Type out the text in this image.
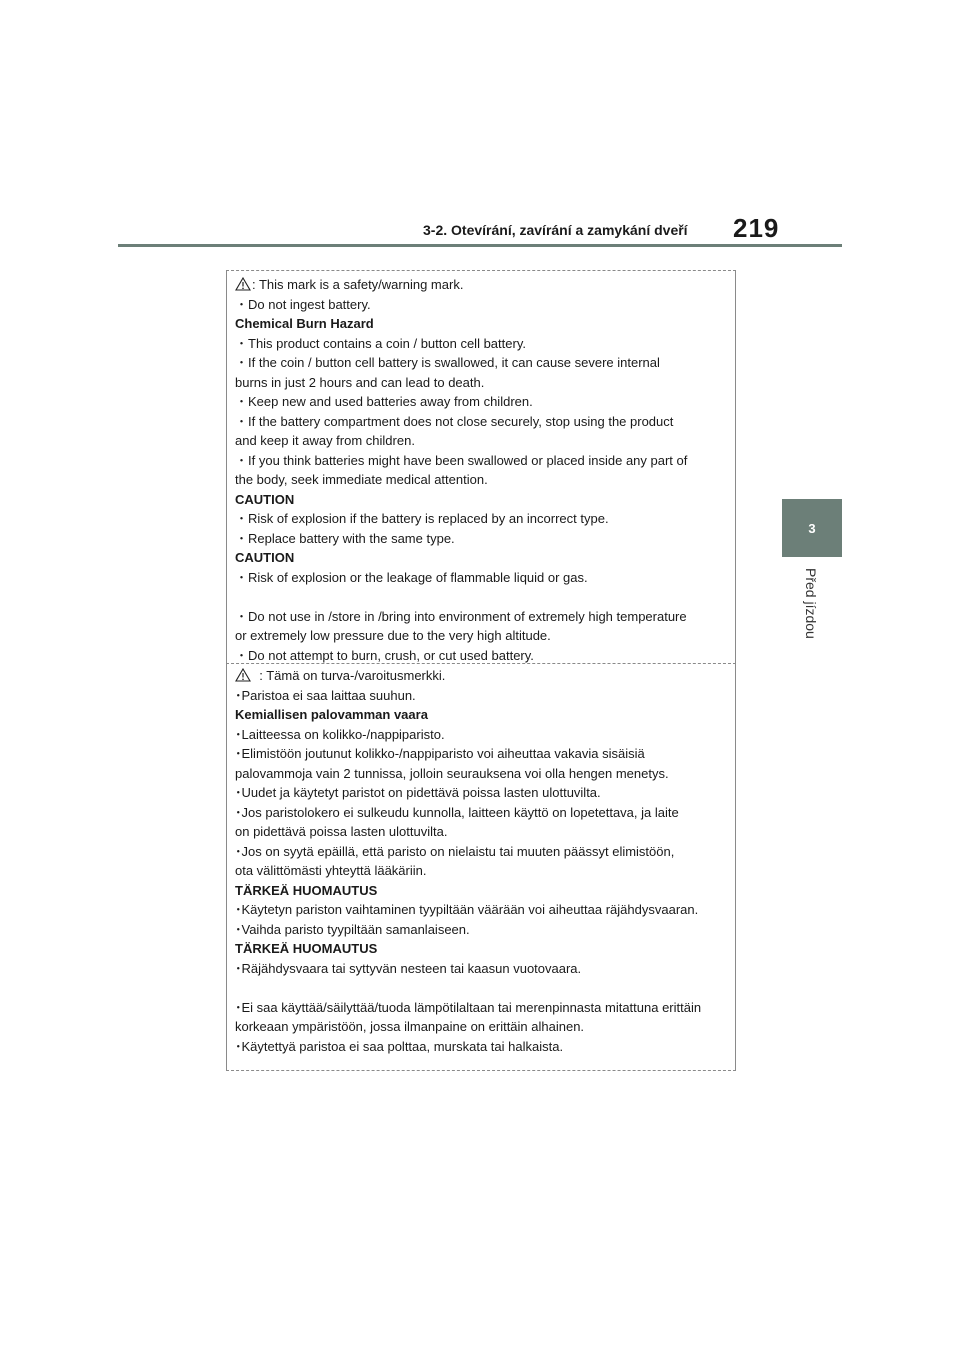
3-2. Otevírání, zavírání a zamykání dveří	219
3
Před jízdou
: This mark is a safety/warning mark.
・Do not ingest battery.
Chemical Burn Hazard
・This product contains a coin / button cell battery.
・If the coin / button cell battery is swallowed, it can cause severe internal
burns in just 2 hours and can lead to death.
・Keep new and used batteries away from children.
・If the battery compartment does not close securely, stop using the product
and keep it away from children.
・If you think batteries might have been swallowed or placed inside any part of
the body, seek immediate medical attention.
CAUTION
・Risk of explosion if the battery is replaced by an incorrect type.
・Replace battery with the same type.
CAUTION
・Risk of explosion or the leakage of flammable liquid or gas.
・Do not use in /store in /bring into environment of extremely high temperature
or extremely low pressure due to the very high altitude.
・Do not attempt to burn, crush, or cut used battery.
: Tämä on turva-/varoitusmerkki.
･Paristoa ei saa laittaa suuhun.
Kemiallisen palovamman vaara
･Laitteessa on kolikko-/nappiparisto.
･Elimistöön joutunut kolikko-/nappiparisto voi aiheuttaa vakavia sisäisiä
palovammoja vain 2 tunnissa, jolloin seurauksena voi olla hengen menetys.
･Uudet ja käytetyt paristot on pidettävä poissa lasten ulottuvilta.
･Jos paristolokero ei sulkeudu kunnolla, laitteen käyttö on lopetettava, ja laite
on pidettävä poissa lasten ulottuvilta.
･Jos on syytä epäillä, että paristo on nielaistu tai muuten päässyt elimistöön,
ota välittömästi yhteyttä lääkäriin.
TÄRKEÄ HUOMAUTUS
･Käytetyn pariston vaihtaminen tyypiltään väärään voi aiheuttaa räjähdysvaaran.
･Vaihda paristo tyypiltään samanlaiseen.
TÄRKEÄ HUOMAUTUS
･Räjähdysvaara tai syttyvän nesteen tai kaasun vuotovaara.
･Ei saa käyttää/säilyttää/tuoda lämpötilaltaan tai merenpinnasta mitattuna erittäin
korkeaan ympäristöön, jossa ilmanpaine on erittäin alhainen.
･Käytettyä paristoa ei saa polttaa, murskata tai halkaista.
